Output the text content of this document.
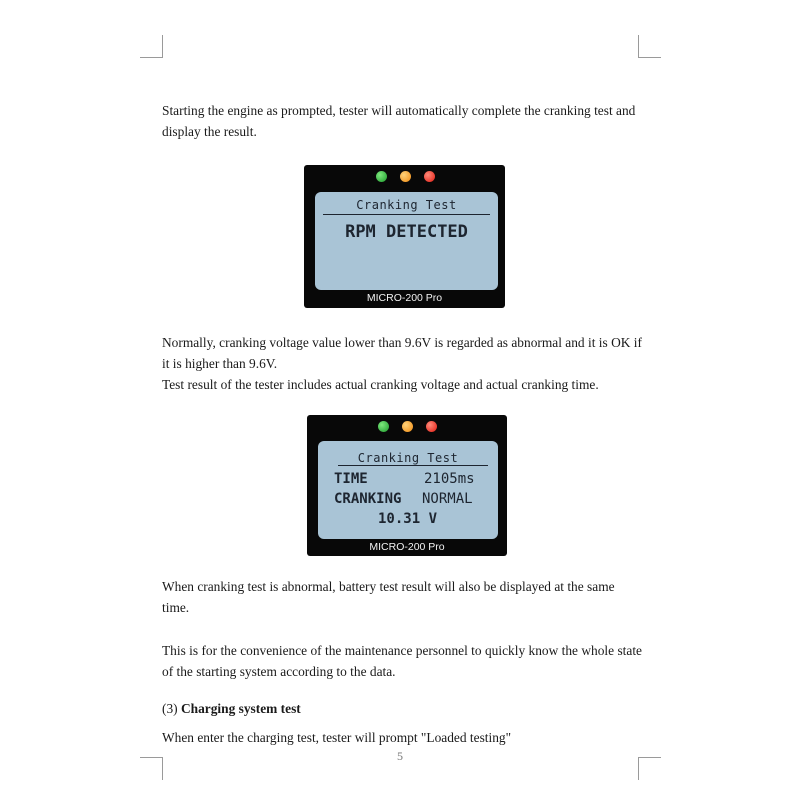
Starting the engine as prompted, tester will automatically complete the cranking test and display the result.

Cranking Test
RPM DETECTED
MICRO-200 Pro

Normally, cranking voltage value lower than 9.6V is regarded as abnormal and it is OK if it is higher than 9.6V.

Test result of the tester includes actual cranking voltage and actual cranking time.

Cranking Test
TIME	2105ms
CRANKING NORMAL
10.31 V
MICRO-200 Pro

When cranking test is abnormal, battery test result will also be displayed at the same time.

This is for the convenience of the maintenance personnel to quickly know the whole state of the starting system according to the data.

(3) Charging system test

When enter the charging test, tester will prompt "Loaded testing"

5
